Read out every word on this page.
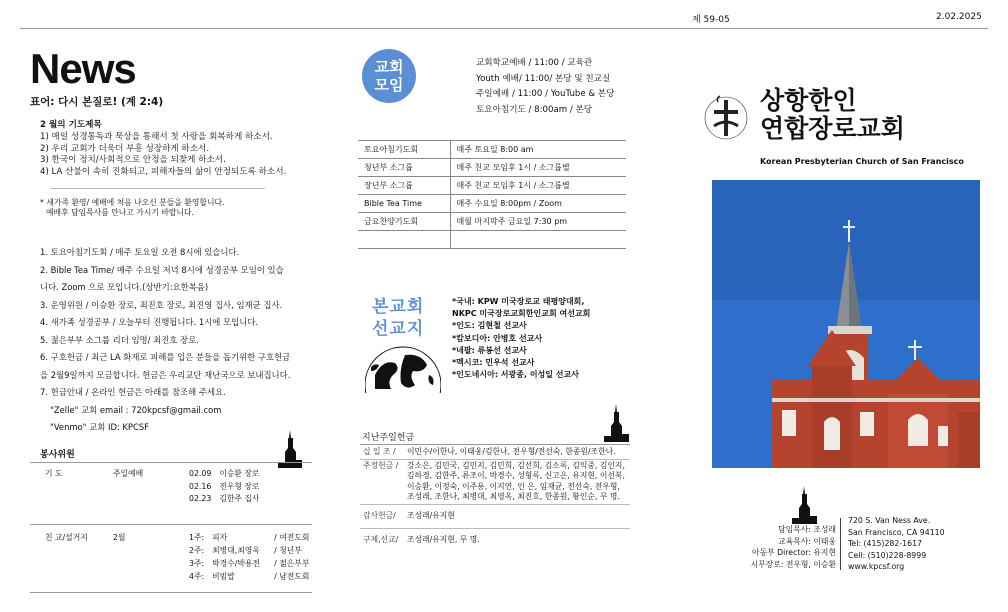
제 59-05	2.02.2025
News
표어: 다시 본질로! (계 2:4)
2 월의 기도제목
1) 매일 성경통독과 묵상을 통해서 첫 사랑을 회복하게 하소서.
2) 우리 교회가 더욱더 부흥 성장하게 하소서.
3) 한국이 정치/사회적으로 안정을 되찾게 하소서.
4) LA 산불이 속히 진화되고, 피해자들의 삶이 안정되도록 하소서.
* 새가족 환영/ 예배에 처음 나오신 분들을 환영합니다.
예배후 담임목사를 만나고 가시기 바랍니다.
1. 토요아침기도회 / 매주 토요일 오전 8시에 있습니다.
2. Bible Tea Time/ 매주 수요일 저녁 8시에 성경공부 모임이 있습
니다. Zoom 으로 모입니다.(상반기:요한복음)
3. 운영위원 / 이승환 장로, 최진호 장로, 최진영 집사, 임재균 집사.
4. 새가족 성경공부 / 오늘부터 진행됩니다. 1시에 모입니다.
5. 젊은부부 소그룹 리더 임명/ 최진호 장로.
6. 구호헌금 / 최근 LA 화재로 피해를 입은 분들을 돕기위한 구호헌금
을 2월9일까지 모금합니다. 헌금은 우리교단 재난국으로 보내집니다.
7. 헌금안내 / 온라인 헌금은 아래를 참조해 주세요.
"Zelle" 교회 email : 720kpcsf@gmail.com
"Venmo" 교회 ID: KPCSF
봉사위원
기 도	주일예배	02.09	이승환 장로
		02.16	전우형 장로
		02.23	김한주 집사
친 교/설거지	2월	1주:	피자	/ 여전도회
		2주:	최병대,최영옥	/ 청년부
		3주:	박경수/박용전	/ 젊은부부
		4주:	비빔밥	/ 남전도회
교회
모임
교회학교예배 / 11:00 / 교육관
Youth 예배/ 11:00/ 본당 및 친교실
주일예배 / 11:00 / YouTube & 본당
토요아침기도 / 8:00am / 본당
토요아침기도회	매주 토요일 8:00 am
청년부 소그룹	매주 친교 모임후 1시 / 소그룹별
장년부 소그룹	매주 친교 모임후 1시 / 소그룹별
Bible Tea Time	매주 수요일 8:00pm / Zoom
금요찬양기도회	매월 마지막주 금요일 7:30 pm

본교회
선교지
*국내: KPW 미국장로교 태평양대회,
NKPC 미국장로교회한인교회 여선교회
*인도: 김현철 선교사
*캄보디아: 안병호 선교사
*네팔: 류봉선 선교사
*멕시코: 민우석 선교사
*인도네시아: 서광종, 이성일 선교사
지난주일헌금
십 일 조 /	이민수/이한나, 이태웅/김한나, 전우형/전선숙, 한종원/조한나.
주정헌금 /	강소은, 김민국, 김민지, 김민희, 김선희, 김소록, 김익중, 김인지, 김하경, 김한주, 류조이, 박경수, 성형록, 신고은, 유지현, 이선복, 이승환, 이정숙, 이주용, 이지연, 인 은, 임재균, 전선숙, 전우형, 조성래, 조한나, 최병대, 최영옥, 최진호, 한종원, 황인순, 무 명.
감사헌금/	조성래/유지현
구제,선교/	조성래/유지현, 무 명.
상항한인
연합장로교회
Korean Presbyterian Church of San Francisco
담임목사: 조성래
교육목사: 이태웅
아동부 Director: 유지현
시무장로: 전우형, 이승환
720 S. Van Ness Ave.
San Francisco, CA 94110
Tel: (415)282-1617
Cell: (510)228-8999
www.kpcsf.org
